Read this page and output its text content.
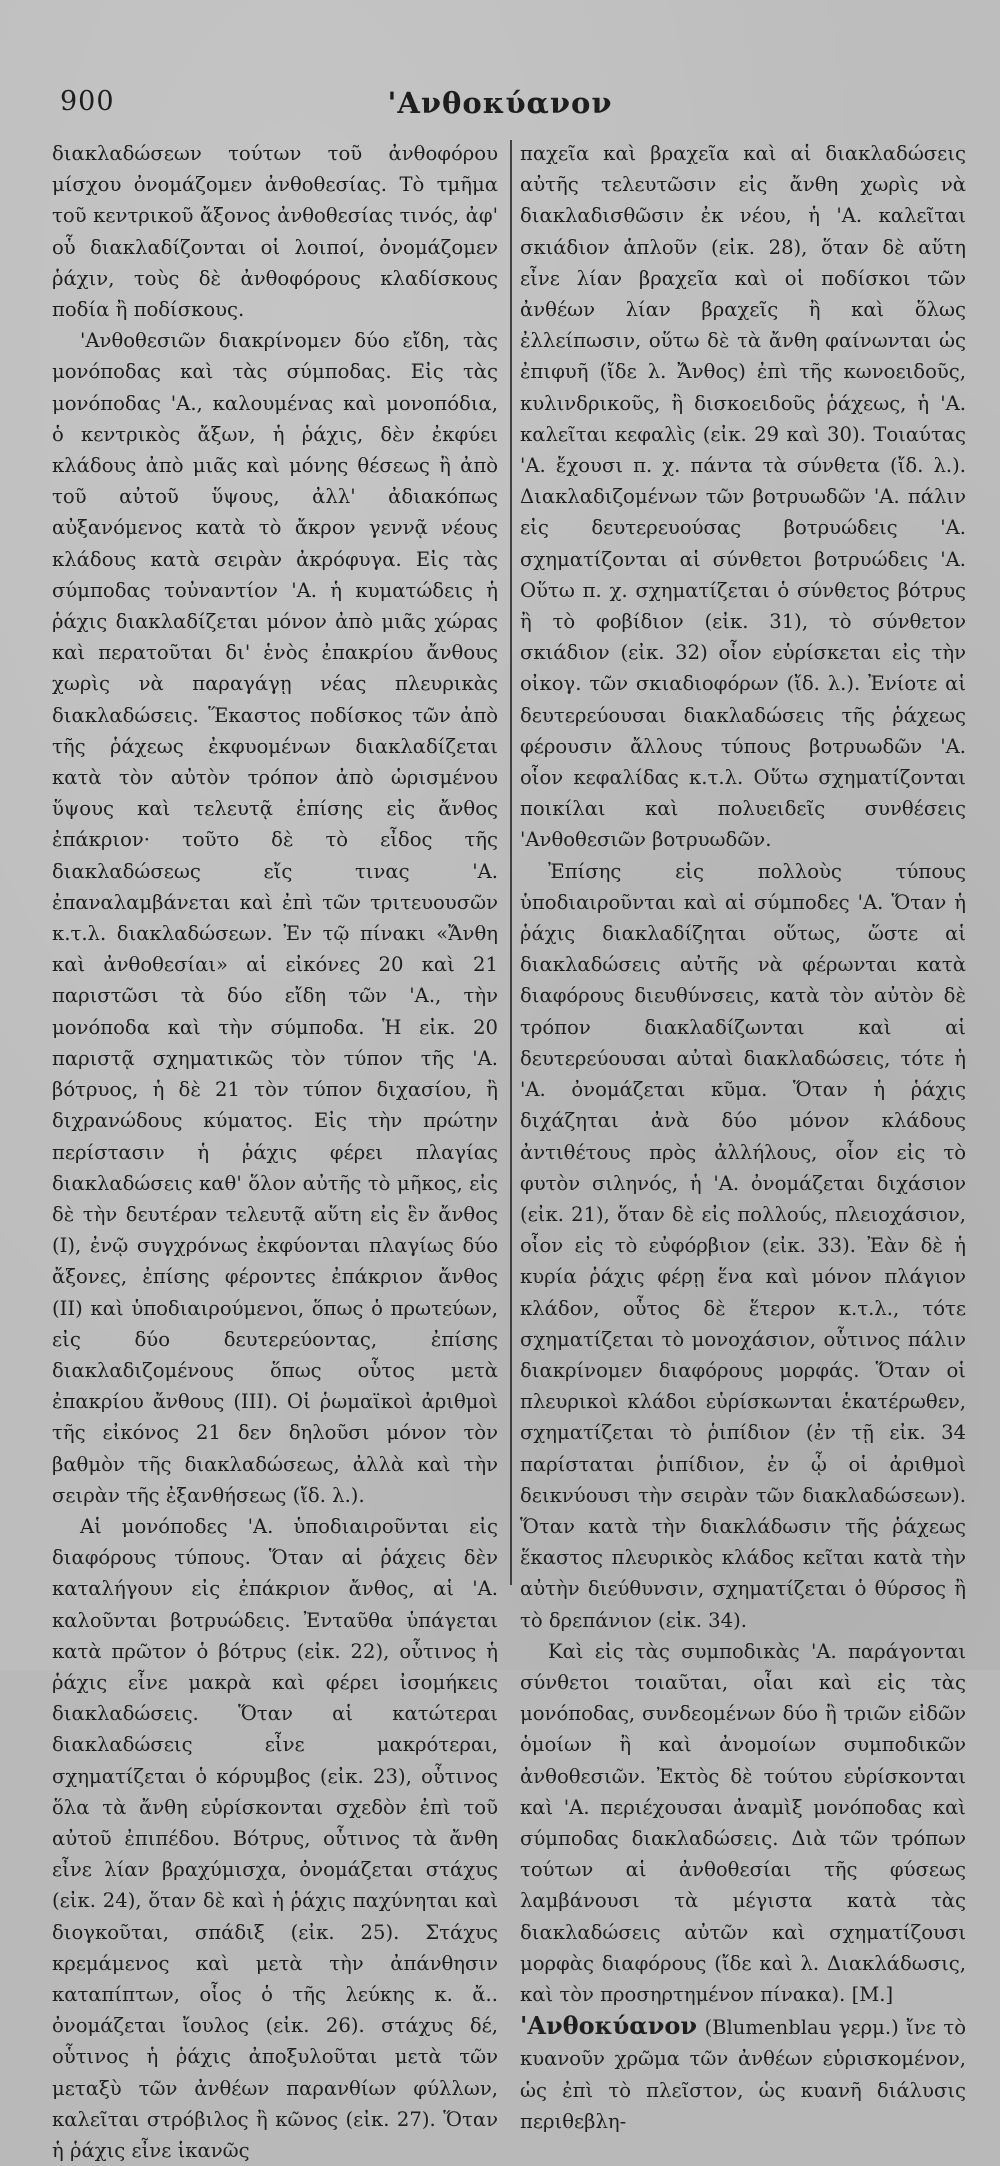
900	'Ανθοκύανον

διακλαδώσεων τούτων τοῦ ἀνθοφόρου μίσχου ὀνομάζομεν ἀνθοθεσίας. Τὸ τμῆμα τοῦ κεντρικοῦ ἄξονος ἀνθοθεσίας τινός, ἀφ' οὗ διακλαδίζονται οἱ λοιποί, ὀνομάζομεν ῥάχιν, τοὺς δὲ ἀνθοφόρους κλαδίσκους ποδία ἢ ποδίσκους.

'Ανθοθεσιῶν διακρίνομεν δύο εἴδη, τὰς μονόποδας καὶ τὰς σύμποδας. Εἰς τὰς μονόποδας 'Α., καλουμένας καὶ μονοπόδια, ὁ κεντρικὸς ἄξων, ἡ ῥάχις, δὲν ἐκφύει κλάδους ἀπὸ μιᾶς καὶ μόνης θέσεως ἢ ἀπὸ τοῦ αὐτοῦ ὕψους, ἀλλ' ἀδιακόπως αὐξανόμενος κατὰ τὸ ἄκρον γεννᾷ νέους κλάδους κατὰ σειρὰν ἀκρόφυγα. Εἰς τὰς σύμποδας τοὐναντίον 'Α. ἡ κυματώδεις ἡ ῥάχις διακλαδίζεται μόνον ἀπὸ μιᾶς χώρας καὶ περατοῦται δι' ἑνὸς ἐπακρίου ἄνθους χωρὶς νὰ παραγάγῃ νέας πλευρικὰς διακλαδώσεις. Ἕκαστος ποδίσκος τῶν ἀπὸ τῆς ῥάχεως ἐκφυομένων διακλαδίζεται κατὰ τὸν αὐτὸν τρόπον ἀπὸ ὡρισμένου ὕψους καὶ τελευτᾷ ἐπίσης εἰς ἄνθος ἐπάκριον· τοῦτο δὲ τὸ εἶδος τῆς διακλαδώσεως εἴς τινας 'Α. ἐπαναλαμβάνεται καὶ ἐπὶ τῶν τριτευουσῶν κ.τ.λ. διακλαδώσεων. Ἐν τῷ πίνακι «Ἄνθη καὶ ἀνθοθεσίαι» αἱ εἰκόνες 20 καὶ 21 παριστῶσι τὰ δύο εἴδη τῶν 'Α., τὴν μονόποδα καὶ τὴν σύμποδα. Ἡ εἰκ. 20 παριστᾷ σχηματικῶς τὸν τύπον τῆς 'Α. βότρυος, ἡ δὲ 21 τὸν τύπον διχασίου, ἢ διχρανώδους κύματος. Εἰς τὴν πρώτην περίστασιν ἡ ῥάχις φέρει πλαγίας διακλαδώσεις καθ' ὅλον αὐτῆς τὸ μῆκος, εἰς δὲ τὴν δευτέραν τελευτᾷ αὕτη εἰς ἓν ἄνθος (I), ἐνῷ συγχρόνως ἐκφύονται πλαγίως δύο ἄξονες, ἐπίσης φέροντες ἐπάκριον ἄνθος (II) καὶ ὑποδιαιρούμενοι, ὅπως ὁ πρωτεύων, εἰς δύο δευτερεύοντας, ἐπίσης διακλαδιζομένους ὅπως οὗτος μετὰ ἐπακρίου ἄνθους (III). Οἱ ῥωμαϊκοὶ ἀριθμοὶ τῆς εἰκόνος 21 δεν δηλοῦσι μόνον τὸν βαθμὸν τῆς διακλαδώσεως, ἀλλὰ καὶ τὴν σειρὰν τῆς ἐξανθήσεως (ἴδ. λ.).

Αἱ μονόποδες 'Α. ὑποδιαιροῦνται εἰς διαφόρους τύπους. Ὅταν αἱ ῥάχεις δὲν καταλήγουν εἰς ἐπάκριον ἄνθος, αἱ 'Α. καλοῦνται βοτρυώδεις. Ἐνταῦθα ὑπάγεται κατὰ πρῶτον ὁ βότρυς (εἰκ. 22), οὗτινος ἡ ῥάχις εἶνε μακρὰ καὶ φέρει ἰσομήκεις διακλαδώσεις. Ὅταν αἱ κατώτεραι διακλαδώσεις εἶνε μακρότεραι, σχηματίζεται ὁ κόρυμβος (εἰκ. 23), οὗτινος ὅλα τὰ ἄνθη εὑρίσκονται σχεδὸν ἐπὶ τοῦ αὐτοῦ ἐπιπέδου. Βότρυς, οὗτινος τὰ ἄνθη εἶνε λίαν βραχύμισχα, ὀνομάζεται στάχυς (εἰκ. 24), ὅταν δὲ καὶ ἡ ῥάχις παχύνηται καὶ διογκοῦται, σπάδιξ (εἰκ. 25). Στάχυς κρεμάμενος καὶ μετὰ τὴν ἀπάνθησιν καταπίπτων, οἷος ὁ τῆς λεύκης κ. ἄ.. ὀνομάζεται ἴουλος (εἰκ. 26). στάχυς δέ, οὗτινος ἡ ῥάχις ἀποξυλοῦται μετὰ τῶν μεταξὺ τῶν ἀνθέων παρανθίων φύλλων, καλεῖται στρόβιλος ἢ κῶνος (εἰκ. 27). Ὅταν ἡ ῥάχις εἶνε ἱκανῶς

παχεῖα καὶ βραχεῖα καὶ αἱ διακλαδώσεις αὐτῆς τελευτῶσιν εἰς ἄνθη χωρὶς νὰ διακλαδισθῶσιν ἐκ νέου, ἡ 'Α. καλεῖται σκιάδιον ἁπλοῦν (εἰκ. 28), ὅταν δὲ αὕτη εἶνε λίαν βραχεῖα καὶ οἱ ποδίσκοι τῶν ἀνθέων λίαν βραχεῖς ἢ καὶ ὅλως ἐλλείπωσιν, οὕτω δὲ τὰ ἄνθη φαίνωνται ὡς ἐπιφυῆ (ἴδε λ. Ἄνθος) ἐπὶ τῆς κωνοειδοῦς, κυλινδρικοῦς, ἢ δισκοειδοῦς ῥάχεως, ἡ 'Α. καλεῖται κεφαλὶς (εἰκ. 29 καὶ 30). Τοιαύτας 'Α. ἔχουσι π. χ. πάντα τὰ σύνθετα (ἴδ. λ.). Διακλαδιζομένων τῶν βοτρυωδῶν 'Α. πάλιν εἰς δευτερευούσας βοτρυώδεις 'Α. σχηματίζονται αἱ σύνθετοι βοτρυώδεις 'Α. Οὕτω π. χ. σχηματίζεται ὁ σύνθετος βότρυς ἢ τὸ φοβίδιον (εἰκ. 31), τὸ σύνθετον σκιάδιον (εἰκ. 32) οἷον εὑρίσκεται εἰς τὴν οἰκογ. τῶν σκιαδιοφόρων (ἴδ. λ.). Ἐνίοτε αἱ δευτερεύουσαι διακλαδώσεις τῆς ῥάχεως φέρουσιν ἄλλους τύπους βοτρυωδῶν 'Α. οἷον κεφαλίδας κ.τ.λ. Οὕτω σχηματίζονται ποικίλαι καὶ πολυειδεῖς συνθέσεις 'Ανθοθεσιῶν βοτρυωδῶν.

Ἐπίσης εἰς πολλοὺς τύπους ὑποδιαιροῦνται καὶ αἱ σύμποδες 'Α. Ὅταν ἡ ῥάχις διακλαδίζηται οὕτως, ὥστε αἱ διακλαδώσεις αὐτῆς νὰ φέρωνται κατὰ διαφόρους διευθύνσεις, κατὰ τὸν αὐτὸν δὲ τρόπον διακλαδίζωνται καὶ αἱ δευτερεύουσαι αὐταὶ διακλαδώσεις, τότε ἡ 'Α. ὀνομάζεται κῦμα. Ὅταν ἡ ῥάχις διχάζηται ἀνὰ δύο μόνον κλάδους ἀντιθέτους πρὸς ἀλλήλους, οἷον εἰς τὸ φυτὸν σιληνός, ἡ 'Α. ὀνομάζεται διχάσιον (εἰκ. 21), ὅταν δὲ εἰς πολλούς, πλειοχάσιον, οἷον εἰς τὸ εὐφόρβιον (εἰκ. 33). Ἐὰν δὲ ἡ κυρία ῥάχις φέρῃ ἕνα καὶ μόνον πλάγιον κλάδον, οὗτος δὲ ἕτερον κ.τ.λ., τότε σχηματίζεται τὸ μονοχάσιον, οὗτινος πάλιν διακρίνομεν διαφόρους μορφάς. Ὅταν οἱ πλευρικοὶ κλάδοι εὑρίσκωνται ἑκατέρωθεν, σχηματίζεται τὸ ῥιπίδιον (ἐν τῇ εἰκ. 34 παρίσταται ῥιπίδιον, ἐν ᾧ οἱ ἀριθμοὶ δεικνύουσι τὴν σειρὰν τῶν διακλαδώσεων). Ὅταν κατὰ τὴν διακλάδωσιν τῆς ῥάχεως ἕκαστος πλευρικὸς κλάδος κεῖται κατὰ τὴν αὐτὴν διεύθυνσιν, σχηματίζεται ὁ θύρσος ἢ τὸ δρεπάνιον (εἰκ. 34).

Καὶ εἰς τὰς συμποδικὰς 'Α. παράγονται σύνθετοι τοιαῦται, οἷαι καὶ εἰς τὰς μονόποδας, συνδεομένων δύο ἢ τριῶν εἰδῶν ὁμοίων ἢ καὶ ἀνομοίων συμποδικῶν ἀνθοθεσιῶν. Ἐκτὸς δὲ τούτου εὑρίσκονται καὶ 'Α. περιέχουσαι ἀναμὶξ μονόποδας καὶ σύμποδας διακλαδώσεις. Διὰ τῶν τρόπων τούτων αἱ ἀνθοθεσίαι τῆς φύσεως λαμβάνουσι τὰ μέγιστα κατὰ τὰς διακλαδώσεις αὐτῶν καὶ σχηματίζουσι μορφὰς διαφόρους (ἴδε καὶ λ. Διακλάδωσις, καὶ τὸν προσηρτημένον πίνακα). [Μ.]

'Ανθοκύανον (Blumenblau γερμ.) ἴνε τὸ κυανοῦν χρῶμα τῶν ἀνθέων εὑρισκομένον, ὡς ἐπὶ τὸ πλεῖστον, ὡς κυανῆ διάλυσις περιθεβλη-
